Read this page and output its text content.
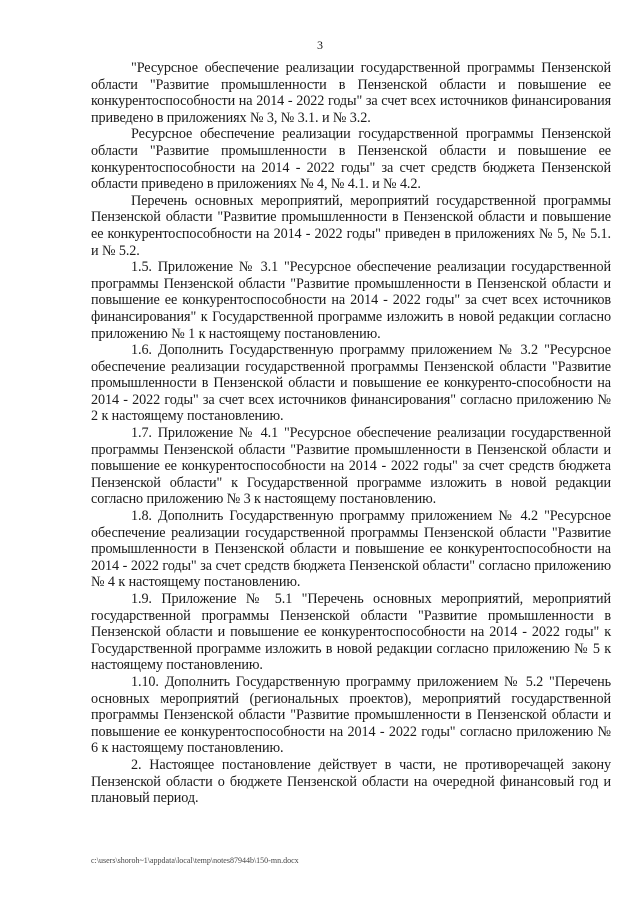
3

"Ресурсное обеспечение реализации государственной программы Пензенской области "Развитие промышленности в Пензенской области и повышение ее конкурентоспособности на 2014 - 2022 годы" за счет всех источников финансирования приведено в приложениях № 3, № 3.1. и № 3.2.

Ресурсное обеспечение реализации государственной программы Пензенской области "Развитие промышленности в Пензенской области и повышение ее конкурентоспособности на 2014 - 2022 годы" за счет средств бюджета Пензенской области приведено в приложениях № 4, № 4.1. и № 4.2.

Перечень основных мероприятий, мероприятий государственной программы Пензенской области "Развитие промышленности в Пензенской области и повышение ее конкурентоспособности на 2014 - 2022 годы" приведен в приложениях № 5, № 5.1. и № 5.2.

1.5. Приложение № 3.1 "Ресурсное обеспечение реализации государственной программы Пензенской области "Развитие промышленности в Пензенской области и повышение ее конкурентоспособности на 2014 - 2022 годы" за счет всех источников финансирования" к Государственной программе изложить в новой редакции согласно приложению № 1 к настоящему постановлению.

1.6. Дополнить Государственную программу приложением № 3.2 "Ресурсное обеспечение реализации государственной программы Пензенской области "Развитие промышленности в Пензенской области и повышение ее конкуренто-способности на 2014 - 2022 годы" за счет всех источников финансирования" согласно приложению № 2 к настоящему постановлению.

1.7. Приложение № 4.1 "Ресурсное обеспечение реализации государственной программы Пензенской области "Развитие промышленности в Пензенской области и повышение ее конкурентоспособности на 2014 - 2022 годы" за счет средств бюджета Пензенской области" к Государственной программе изложить в новой редакции согласно приложению № 3 к настоящему постановлению.

1.8. Дополнить Государственную программу приложением № 4.2 "Ресурсное обеспечение реализации государственной программы Пензенской области "Развитие промышленности в Пензенской области и повышение ее конкурентоспособности на 2014 - 2022 годы" за счет средств бюджета Пензенской области" согласно приложению № 4 к настоящему постановлению.

1.9. Приложение № 5.1 "Перечень основных мероприятий, мероприятий государственной программы Пензенской области "Развитие промышленности в Пензенской области и повышение ее конкурентоспособности на 2014 - 2022 годы" к Государственной программе изложить в новой редакции согласно приложению № 5 к настоящему постановлению.

1.10. Дополнить Государственную программу приложением № 5.2 "Перечень основных мероприятий (региональных проектов), мероприятий государственной программы Пензенской области "Развитие промышленности в Пензенской области и повышение ее конкурентоспособности на 2014 - 2022 годы" согласно приложению № 6 к настоящему постановлению.

2. Настоящее постановление действует в части, не противоречащей закону Пензенской области о бюджете Пензенской области на очередной финансовый год и плановый период.

c:\users\shoroh~1\appdata\local\temp\notes87944b\150-mn.docx
